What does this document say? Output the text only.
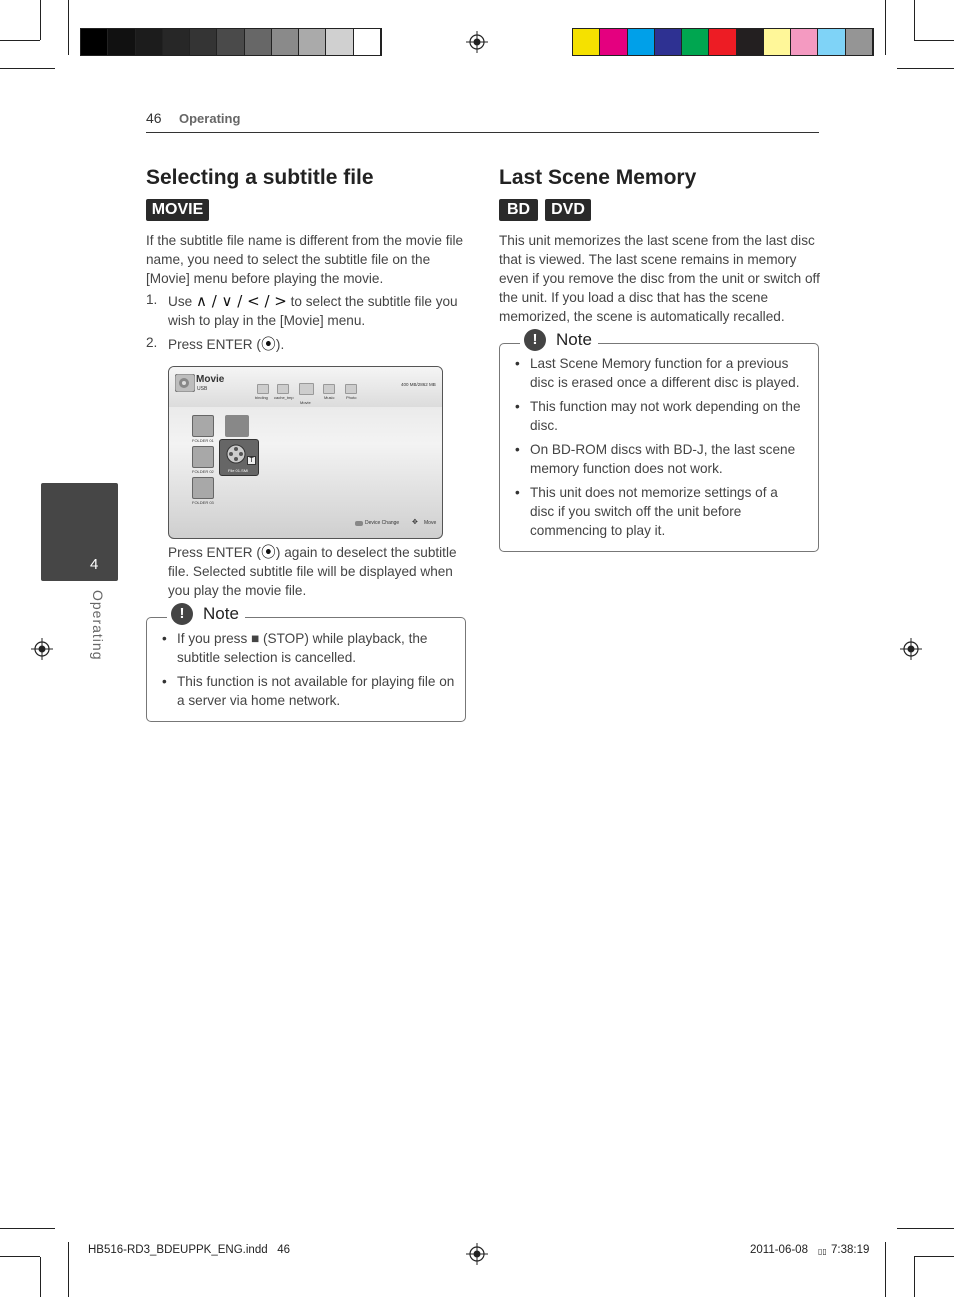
46 Operating
4
Operating
Selecting a subtitle file
MOVIE
If the subtitle file name is different from the movie file name, you need to select the subtitle file on the [Movie] menu before playing the movie.
1. Use ∧ / ∨ / < / > to select the subtitle file you wish to play in the [Movie] menu.
2. Press ENTER (⦿).
Movie
USB
binding cache_tmp
Movie
Music	Photo
400 MB/2862 MB
FOLDER 01
FOLDER 02
FOLDER 03
T
File 01.SMI
Device Change ✥ Move
Press ENTER (⦿) again to deselect the subtitle file. Selected subtitle file will be displayed when you play the movie file.
!	Note
• If you press ■ (STOP) while playback, the subtitle selection is cancelled.
• This function is not available for playing file on a server via home network.
Last Scene Memory
BD	DVD
This unit memorizes the last scene from the last disc that is viewed. The last scene remains in memory even if you remove the disc from the unit or switch off the unit. If you load a disc that has the scene memorized, the scene is automatically recalled.
!	Note
• Last Scene Memory function for a previous disc is erased once a different disc is played.
• This function may not work depending on the disc.
• On BD-ROM discs with BD-J, the last scene memory function does not work.
• This unit does not memorize settings of a disc if you switch off the unit before commencing to play it.
HB516-RD3_BDEUPPK_ENG.indd   46	2011-06-08 ▯▯ 7:38:19
